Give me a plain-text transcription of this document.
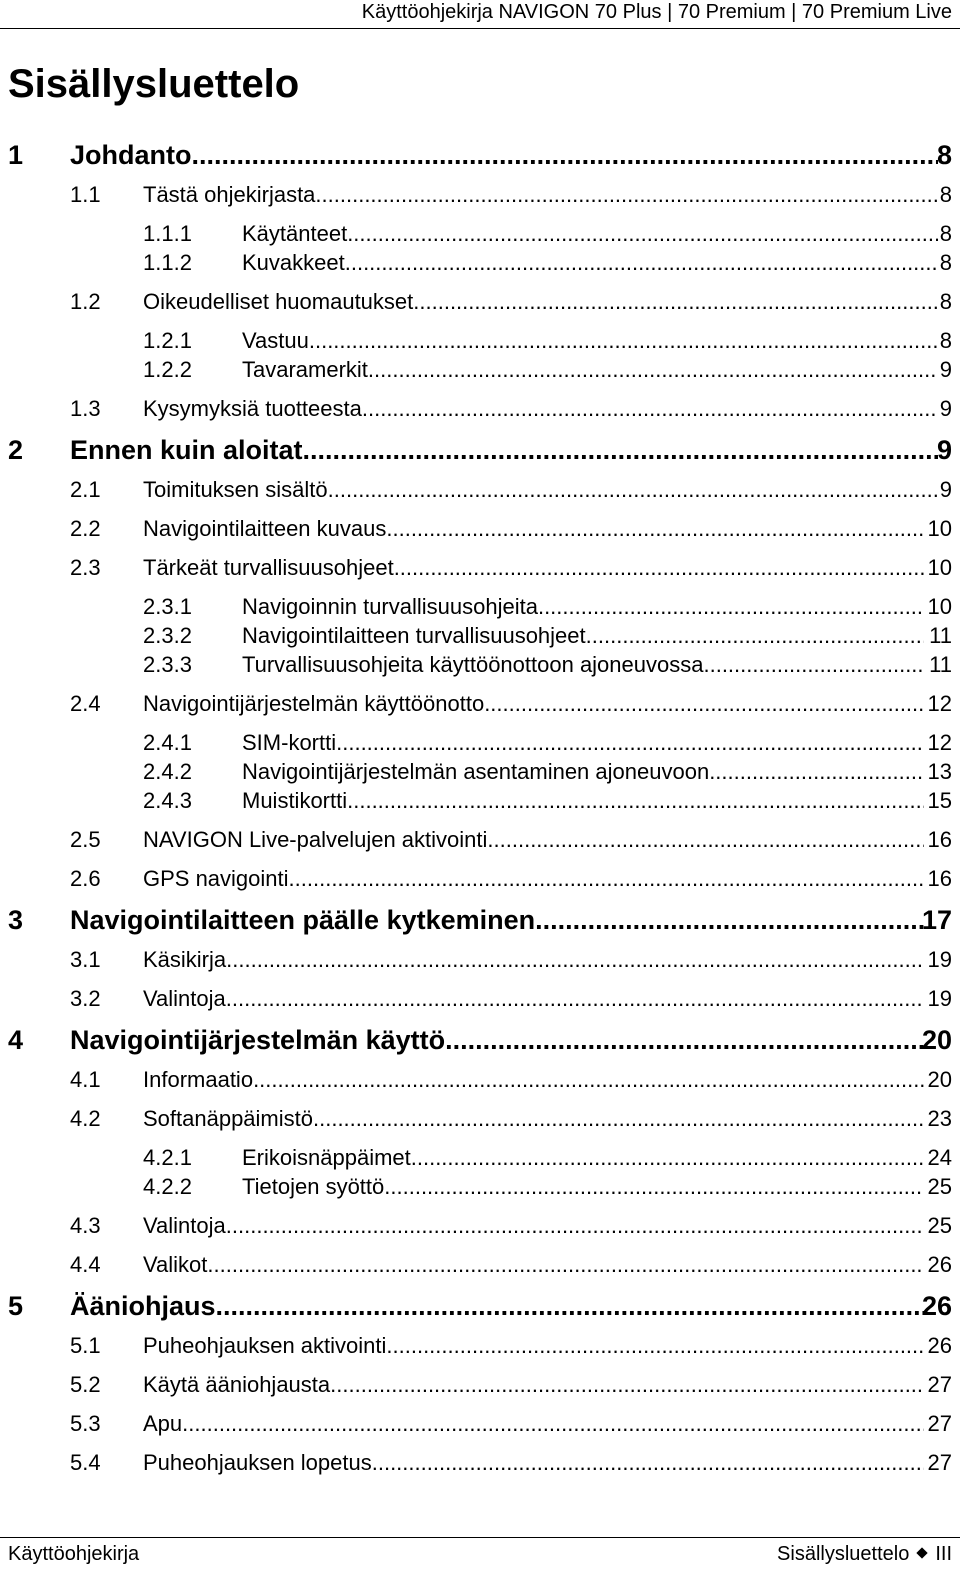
Käyttöohjekirja NAVIGON 70 Plus | 70 Premium | 70 Premium Live
Sisällysluettelo
1 Johdanto .....	8
1.1 Tästä ohjekirjasta .....	8
1.1.1 Käytänteet .....	8
1.1.2 Kuvakkeet .....	8
1.2 Oikeudelliset huomautukset .....	8
1.2.1 Vastuu .....	8
1.2.2 Tavaramerkit .....	9
1.3 Kysymyksiä tuotteesta .....	9
2 Ennen kuin aloitat .....	9
2.1 Toimituksen sisältö .....	9
2.2 Navigointilaitteen kuvaus .....	10
2.3 Tärkeät turvallisuusohjeet .....	10
2.3.1 Navigoinnin turvallisuusohjeita .....	10
2.3.2 Navigointilaitteen turvallisuusohjeet .....	11
2.3.3 Turvallisuusohjeita käyttöönottoon ajoneuvossa .....	11
2.4 Navigointijärjestelmän käyttöönotto .....	12
2.4.1 SIM-kortti .....	12
2.4.2 Navigointijärjestelmän asentaminen ajoneuvoon .....	13
2.4.3 Muistikortti .....	15
2.5 NAVIGON Live-palvelujen aktivointi .....	16
2.6 GPS navigointi .....	16
3 Navigointilaitteen päälle kytkeminen .....	17
3.1 Käsikirja .....	19
3.2 Valintoja .....	19
4 Navigointijärjestelmän käyttö .....	20
4.1 Informaatio .....	20
4.2 Softanäppäimistö .....	23
4.2.1 Erikoisnäppäimet .....	24
4.2.2 Tietojen syöttö .....	25
4.3 Valintoja .....	25
4.4 Valikot .....	26
5 Ääniohjaus .....	26
5.1 Puheohjauksen aktivointi .....	26
5.2 Käytä ääniohjausta .....	27
5.3 Apu .....	27
5.4 Puheohjauksen lopetus .....	27
Käyttöohjekirja	Sisällysluettelo III
